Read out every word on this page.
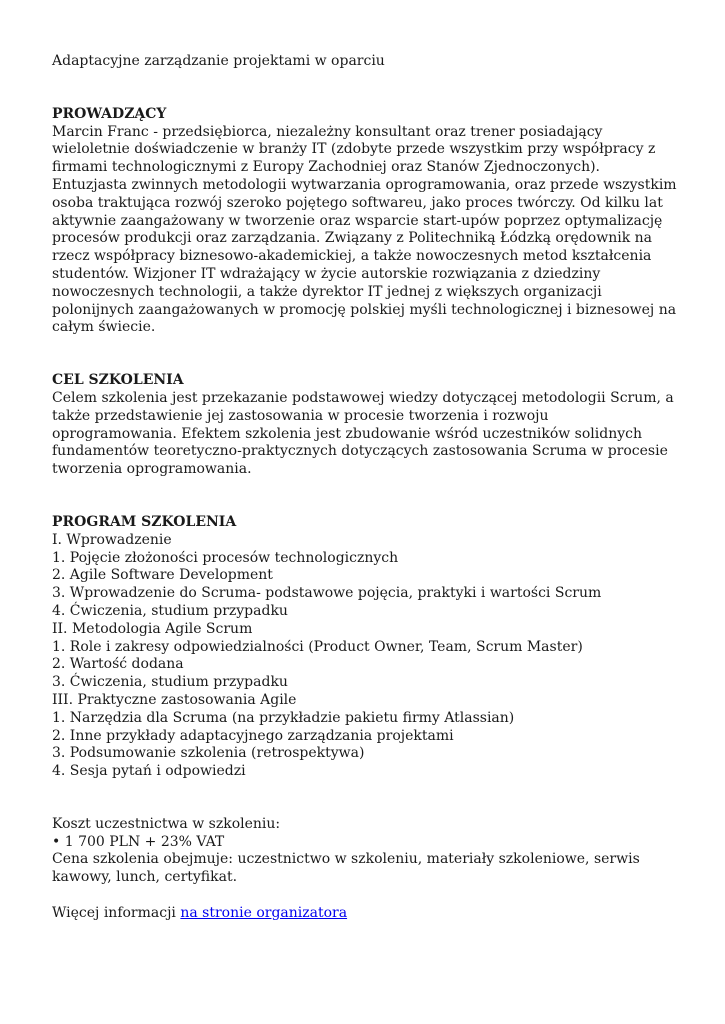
Adaptacyjne zarządzanie projektami w oparciu

PROWADZĄCY

Marcin Franc - przedsiębiorca, niezależny konsultant oraz trener posiadający wieloletnie doświadczenie w branży IT (zdobyte przede wszystkim przy współpracy z firmami technologicznymi z Europy Zachodniej oraz Stanów Zjednoczonych). Entuzjasta zwinnych metodologii wytwarzania oprogramowania, oraz przede wszystkim osoba traktująca rozwój szeroko pojętego softwareu, jako proces twórczy. Od kilku lat aktywnie zaangażowany w tworzenie oraz wsparcie start-upów poprzez optymalizację procesów produkcji oraz zarządzania. Związany z Politechniką Łódzką orędownik na rzecz współpracy biznesowo-akademickiej, a także nowoczesnych metod kształcenia studentów. Wizjoner IT wdrażający w życie autorskie rozwiązania z dziedziny nowoczesnych technologii, a także dyrektor IT jednej z większych organizacji polonijnych zaangażowanych w promocję polskiej myśli technologicznej i biznesowej na całym świecie.

CEL SZKOLENIA

Celem szkolenia jest przekazanie podstawowej wiedzy dotyczącej metodologii Scrum, a także przedstawienie jej zastosowania w procesie tworzenia i rozwoju oprogramowania. Efektem szkolenia jest zbudowanie wśród uczestników solidnych fundamentów teoretyczno-praktycznych dotyczących zastosowania Scruma w procesie tworzenia oprogramowania.

PROGRAM SZKOLENIA

I. Wprowadzenie
1. Pojęcie złożoności procesów technologicznych
2. Agile Software Development
3. Wprowadzenie do Scruma- podstawowe pojęcia, praktyki i wartości Scrum
4. Ćwiczenia, studium przypadku
II. Metodologia Agile Scrum
1. Role i zakresy odpowiedzialności (Product Owner, Team, Scrum Master)
2. Wartość dodana
3. Ćwiczenia, studium przypadku
III. Praktyczne zastosowania Agile
1. Narzędzia dla Scruma (na przykładzie pakietu firmy Atlassian)
2. Inne przykłady adaptacyjnego zarządzania projektami
3. Podsumowanie szkolenia (retrospektywa)
4. Sesja pytań i odpowiedzi

Koszt uczestnictwa w szkoleniu:

• 1 700 PLN + 23% VAT

Cena szkolenia obejmuje: uczestnictwo w szkoleniu, materiały szkoleniowe, serwis kawowy, lunch, certyfikat.

Więcej informacji na stronie organizatora
